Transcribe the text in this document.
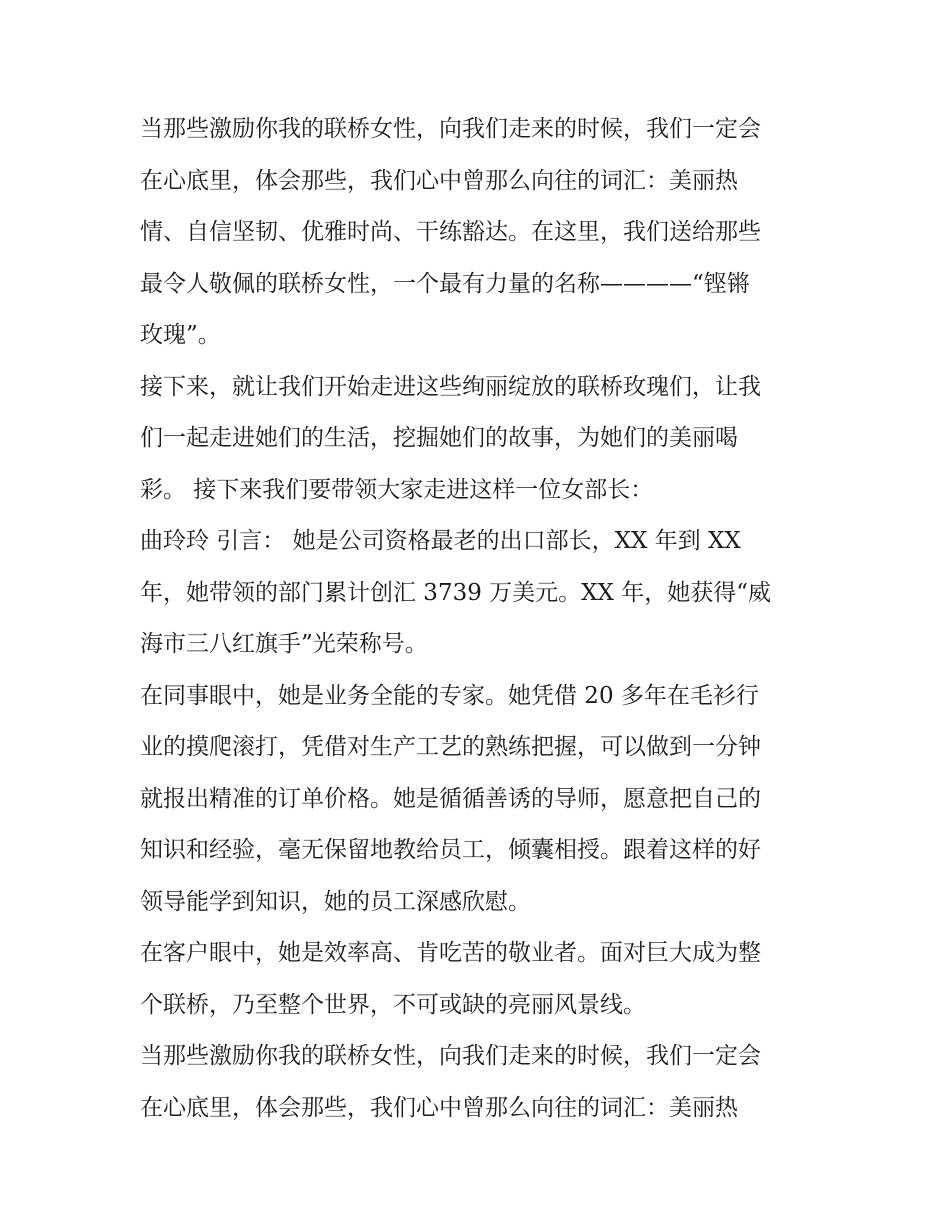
当那些激励你我的联桥女性，向我们走来的时候，我们一定会
在心底里，体会那些，我们心中曾那么向往的词汇：美丽热
情、自信坚韧、优雅时尚、干练豁达。在这里，我们送给那些
最令人敬佩的联桥女性，一个最有力量的名称————“铿锵
玫瑰”。
接下来，就让我们开始走进这些绚丽绽放的联桥玫瑰们，让我
们一起走进她们的生活，挖掘她们的故事，为她们的美丽喝
彩。 接下来我们要带领大家走进这样一位女部长：
曲玲玲 引言： 她是公司资格最老的出口部长，XX 年到 XX
年，她带领的部门累计创汇 3739 万美元。XX 年，她获得“威
海市三八红旗手”光荣称号。
在同事眼中，她是业务全能的专家。她凭借 20 多年在毛衫行
业的摸爬滚打，凭借对生产工艺的熟练把握，可以做到一分钟
就报出精准的订单价格。她是循循善诱的导师，愿意把自己的
知识和经验，毫无保留地教给员工，倾囊相授。跟着这样的好
领导能学到知识，她的员工深感欣慰。
在客户眼中，她是效率高、肯吃苦的敬业者。面对巨大成为整
个联桥，乃至整个世界，不可或缺的亮丽风景线。
当那些激励你我的联桥女性，向我们走来的时候，我们一定会
在心底里，体会那些，我们心中曾那么向往的词汇：美丽热
